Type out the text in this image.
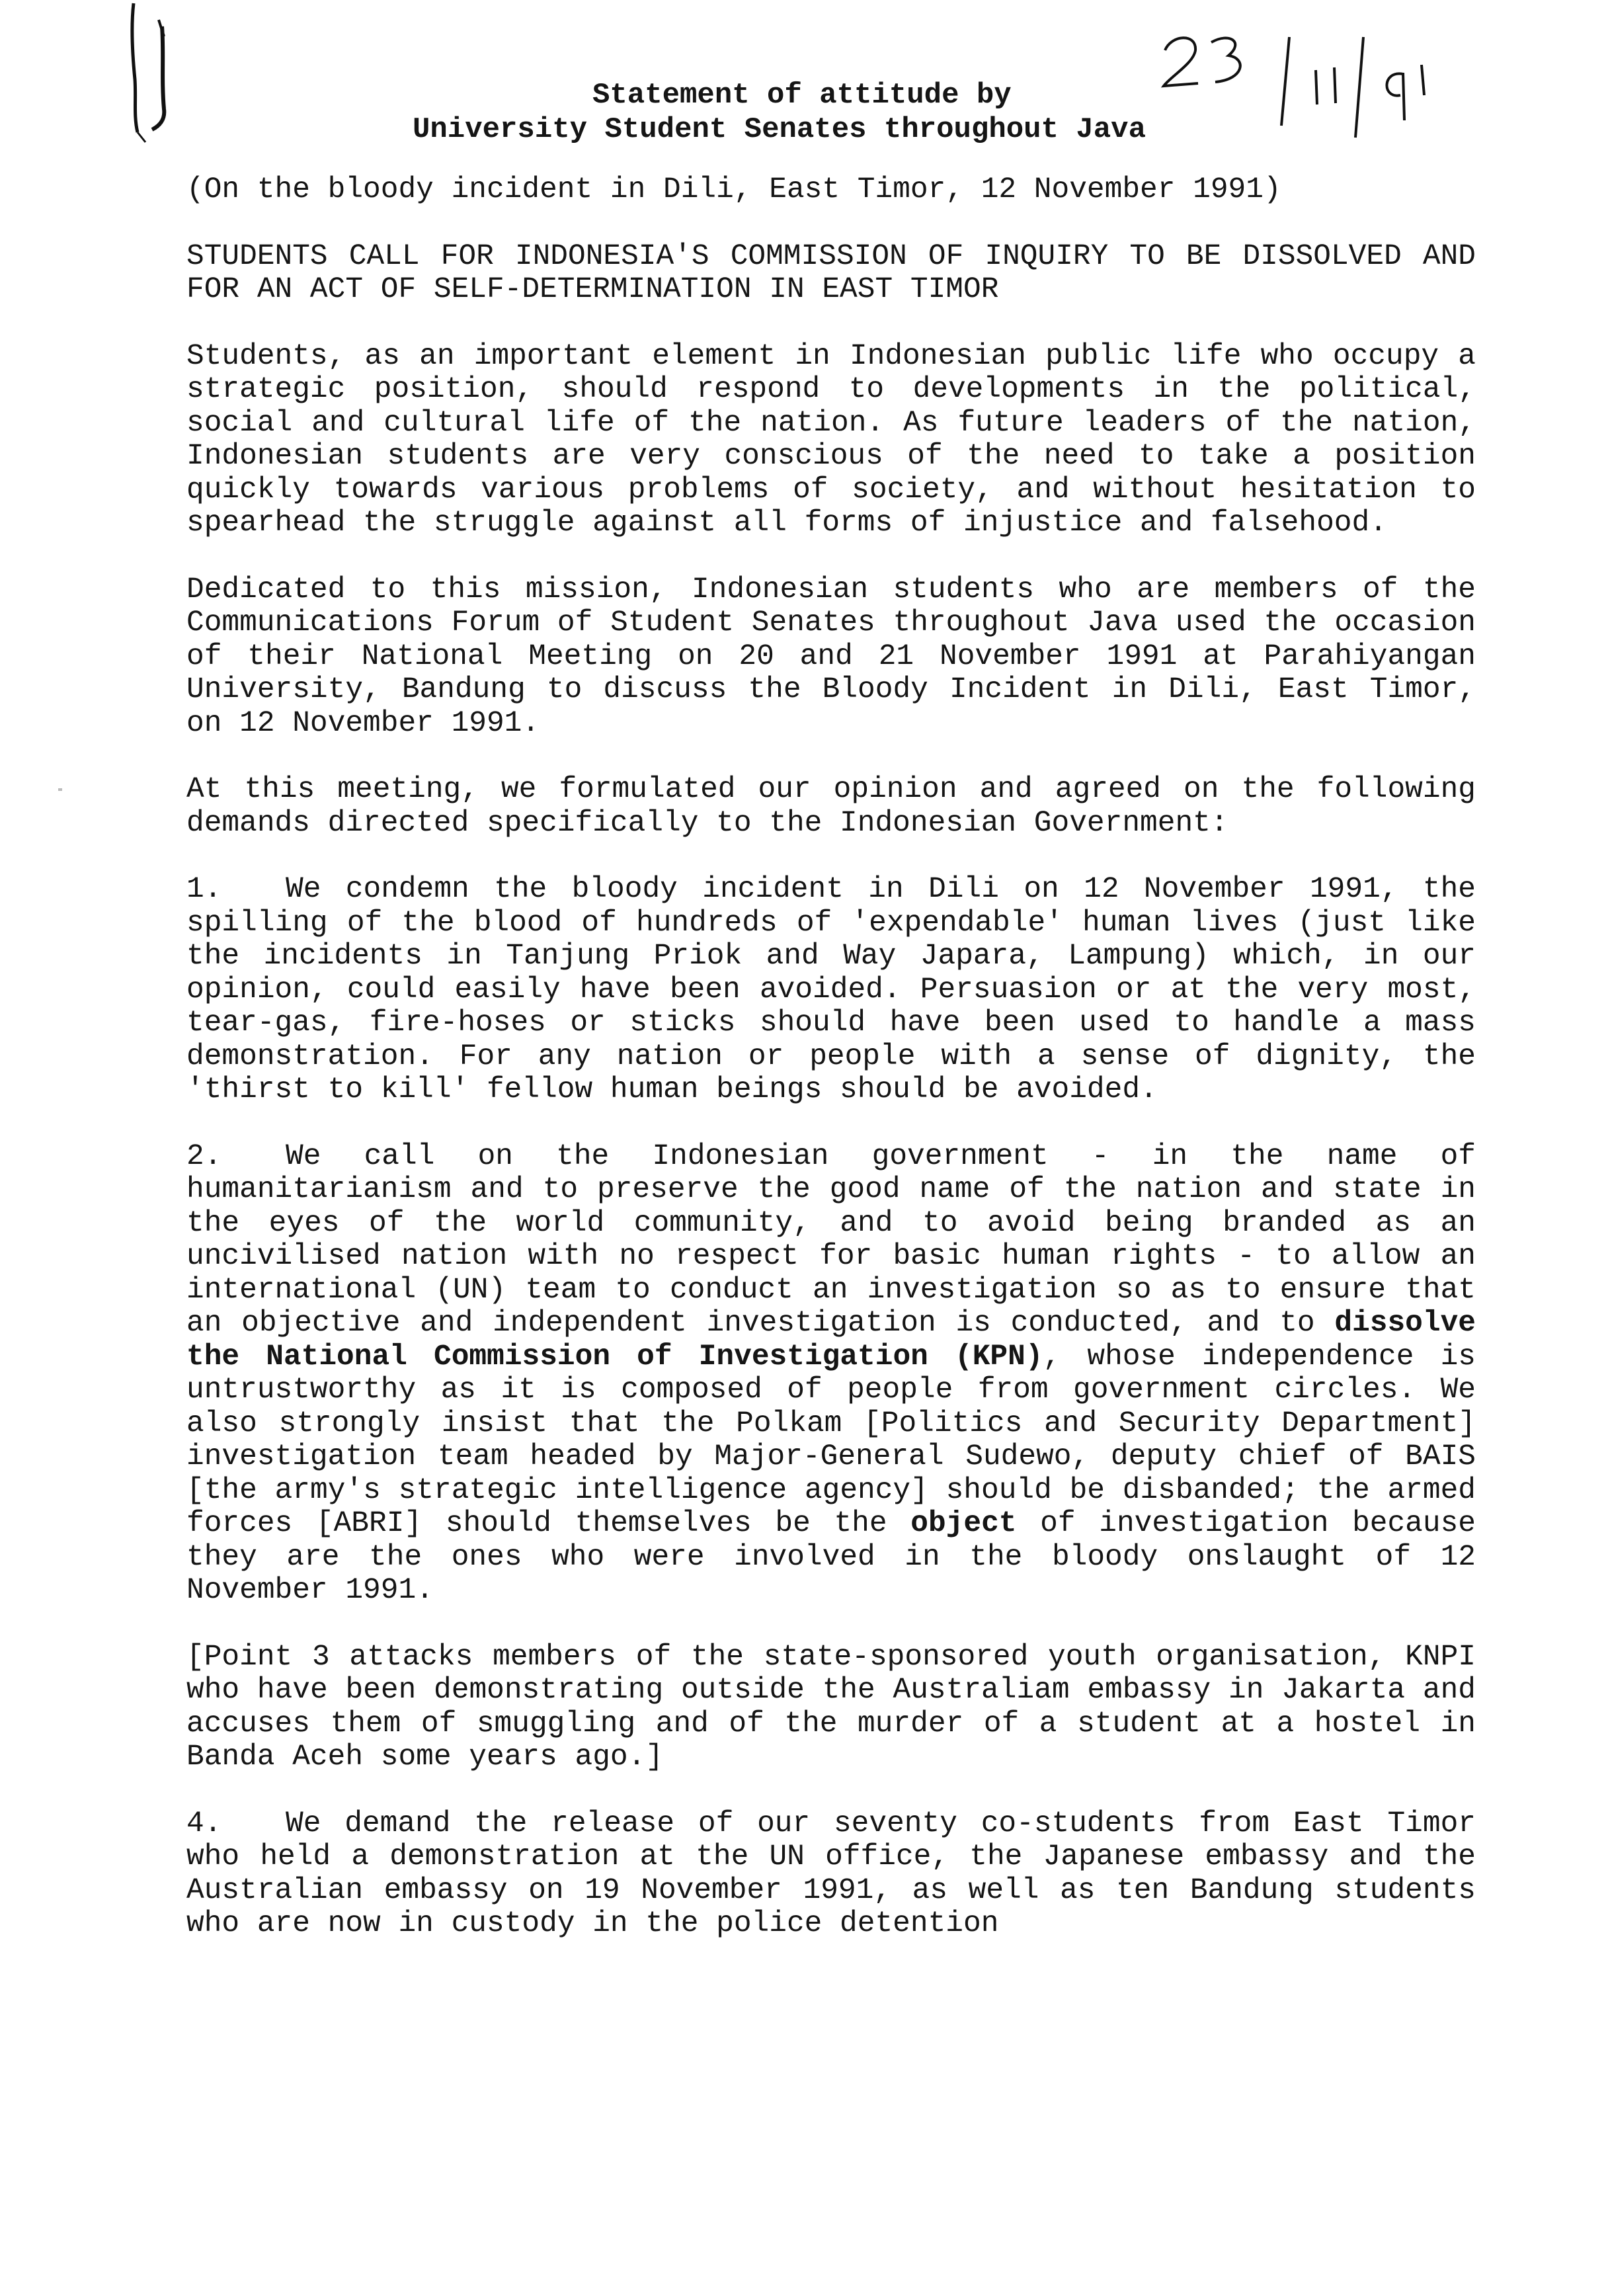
Statement of attitude by
University Student Senates throughout Java

(On the bloody incident in Dili, East Timor, 12 November 1991)

STUDENTS CALL FOR INDONESIA'S COMMISSION OF INQUIRY TO BE DISSOLVED AND FOR AN ACT OF SELF-DETERMINATION IN EAST TIMOR

Students, as an important element in Indonesian public life who occupy a strategic position, should respond to developments in the political, social and cultural life of the nation. As future leaders of the nation, Indonesian students are very conscious of the need to take a position quickly towards various problems of society, and without hesitation to spearhead the struggle against all forms of injustice and falsehood.

Dedicated to this mission, Indonesian students who are members of the Communications Forum of Student Senates throughout Java used the occasion of their National Meeting on 20 and 21 November 1991 at Parahiyangan University, Bandung to discuss the Bloody Incident in Dili, East Timor, on 12 November 1991.

At this meeting, we formulated our opinion and agreed on the following demands directed specifically to the Indonesian Government:

1. We condemn the bloody incident in Dili on 12 November 1991, the spilling of the blood of hundreds of 'expendable' human lives (just like the incidents in Tanjung Priok and Way Japara, Lampung) which, in our opinion, could easily have been avoided. Persuasion or at the very most, tear-gas, fire-hoses or sticks should have been used to handle a mass demonstration. For any nation or people with a sense of dignity, the 'thirst to kill' fellow human beings should be avoided.

2. We call on the Indonesian government - in the name of humanitarianism and to preserve the good name of the nation and state in the eyes of the world community, and to avoid being branded as an uncivilised nation with no respect for basic human rights - to allow an international (UN) team to conduct an investigation so as to ensure that an objective and independent investigation is conducted, and to dissolve the National Commission of Investigation (KPN), whose independence is untrustworthy as it is composed of people from government circles. We also strongly insist that the Polkam [Politics and Security Department] investigation team headed by Major-General Sudewo, deputy chief of BAIS [the army's strategic intelligence agency] should be disbanded; the armed forces [ABRI] should themselves be the object of investigation because they are the ones who were involved in the bloody onslaught of 12 November 1991.

[Point 3 attacks members of the state-sponsored youth organisation, KNPI who have been demonstrating outside the Australiam embassy in Jakarta and accuses them of smuggling and of the murder of a student at a hostel in Banda Aceh some years ago.]

4. We demand the release of our seventy co-students from East Timor who held a demonstration at the UN office, the Japanese embassy and the Australian embassy on 19 November 1991, as well as ten Bandung students who are now in custody in the police detention
